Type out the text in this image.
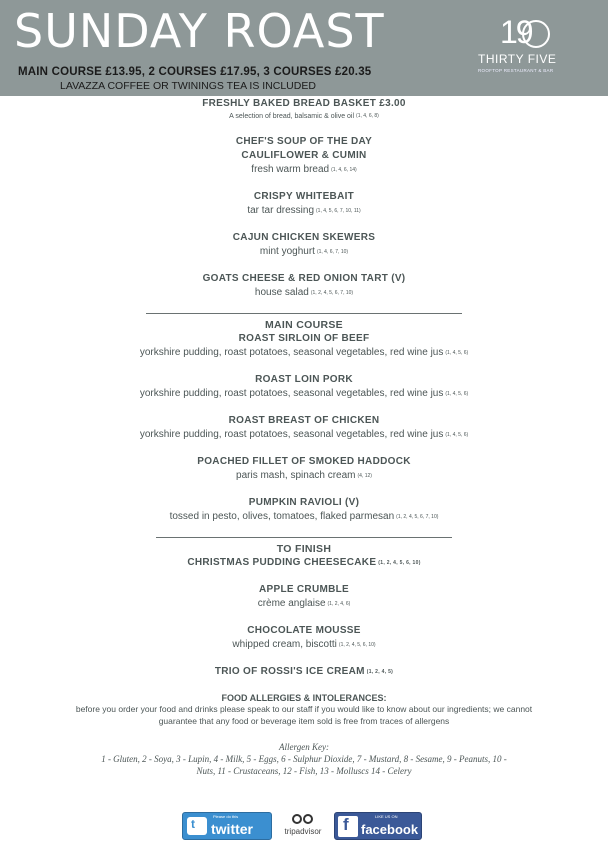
SUNDAY ROAST
MAIN COURSE £13.95, 2 COURSES £17.95, 3 COURSES £20.35
LAVAZZA COFFEE OR TWININGS TEA IS INCLUDED
19
THIRTY FIVE
ROOFTOP RESTAURANT & BAR
FRESHLY BAKED BREAD BASKET £3.00
A selection of bread, balsamic & olive oil (1, 4, 6, 8)
CHEF'S SOUP OF THE DAY
CAULIFLOWER & CUMIN
fresh warm bread (1, 4, 6, 14)
CRISPY WHITEBAIT
tar tar dressing (1, 4, 5, 6, 7, 10, 11)
CAJUN CHICKEN SKEWERS
mint yoghurt (1, 4, 6, 7, 10)
GOATS CHEESE & RED ONION TART (V)
house salad (1, 2, 4, 5, 6, 7, 10)
MAIN COURSE
ROAST SIRLOIN OF BEEF
yorkshire pudding, roast potatoes, seasonal vegetables, red wine jus (1, 4, 5, 6)
ROAST LOIN PORK
yorkshire pudding, roast potatoes, seasonal vegetables, red wine jus (1, 4, 5, 6)
ROAST BREAST OF CHICKEN
yorkshire pudding, roast potatoes, seasonal vegetables, red wine jus (1, 4, 5, 6)
POACHED FILLET OF SMOKED HADDOCK
paris mash, spinach cream (4, 12)
PUMPKIN RAVIOLI (V)
tossed in pesto, olives, tomatoes, flaked parmesan (1, 2, 4, 5, 6, 7, 10)
TO FINISH
CHRISTMAS PUDDING CHEESECAKE (1, 2, 4, 5, 6, 10)
APPLE CRUMBLE
crème anglaise (1, 2, 4, 6)
CHOCOLATE MOUSSE
whipped cream, biscotti (1, 2, 4, 5, 6, 10)
TRIO OF ROSSI'S ICE CREAM (1, 2, 4, 5)
FOOD ALLERGIES & INTOLERANCES:
before you order your food and drinks please speak to our staff if you would like to know about our ingredients; we cannot guarantee that any food or beverage item sold is free from traces of allergens
Allergen Key:
1 - Gluten, 2 - Soya, 3 - Lupin, 4 - Milk, 5 - Eggs, 6 - Sulphur Dioxide, 7 - Mustard, 8 - Sesame, 9 - Peanuts, 10 - Nuts, 11 - Crustaceans, 12 - Fish, 13 - Molluscs 14 - Celery
t
Please do this
twitter	tripadvisor	f	LIKE US ON
facebook
